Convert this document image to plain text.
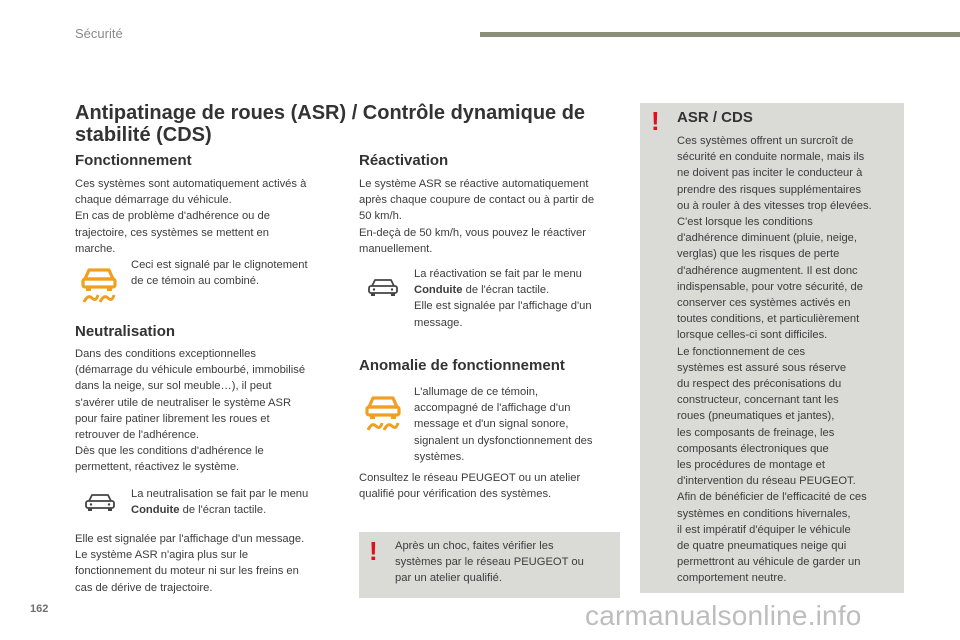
Sécurité
Antipatinage de roues (ASR) / Contrôle dynamique de stabilité (CDS)
Fonctionnement
Ces systèmes sont automatiquement activés à
chaque démarrage du véhicule.
En cas de problème d'adhérence ou de
trajectoire, ces systèmes se mettent en
marche.
Ceci est signalé par le clignotement
de ce témoin au combiné.
Neutralisation
Dans des conditions exceptionnelles
(démarrage du véhicule embourbé, immobilisé
dans la neige, sur sol meuble…), il peut
s'avérer utile de neutraliser le système ASR
pour faire patiner librement les roues et
retrouver de l'adhérence.
Dès que les conditions d'adhérence le
permettent, réactivez le système.
La neutralisation se fait par le menu
Conduite de l'écran tactile.
Elle est signalée par l'affichage d'un message.
Le système ASR n'agira plus sur le
fonctionnement du moteur ni sur les freins en
cas de dérive de trajectoire.
Réactivation
Le système ASR se réactive automatiquement
après chaque coupure de contact ou à partir de
50 km/h.
En-deçà de 50 km/h, vous pouvez le réactiver
manuellement.
La réactivation se fait par le menu
Conduite de l'écran tactile.
Elle est signalée par l'affichage d'un
message.
Anomalie de fonctionnement
L'allumage de ce témoin,
accompagné de l'affichage d'un
message et d'un signal sonore,
signalent un dysfonctionnement des
systèmes.
Consultez le réseau PEUGEOT ou un atelier
qualifié pour vérification des systèmes.
! Après un choc, faites vérifier les
systèmes par le réseau PEUGEOT ou
par un atelier qualifié.
! ASR / CDS
Ces systèmes offrent un surcroît de
sécurité en conduite normale, mais ils
ne doivent pas inciter le conducteur à
prendre des risques supplémentaires
ou à rouler à des vitesses trop élevées.
C'est lorsque les conditions
d'adhérence diminuent (pluie, neige,
verglas) que les risques de perte
d'adhérence augmentent. Il est donc
indispensable, pour votre sécurité, de
conserver ces systèmes activés en
toutes conditions, et particulièrement
lorsque celles-ci sont difficiles.
Le fonctionnement de ces
systèmes est assuré sous réserve
du respect des préconisations du
constructeur, concernant tant les
roues (pneumatiques et jantes),
les composants de freinage, les
composants électroniques que
les procédures de montage et
d'intervention du réseau PEUGEOT.
Afin de bénéficier de l'efficacité de ces
systèmes en conditions hivernales,
il est impératif d'équiper le véhicule
de quatre pneumatiques neige qui
permettront au véhicule de garder un
comportement neutre.
162	carmanualsonline.info
